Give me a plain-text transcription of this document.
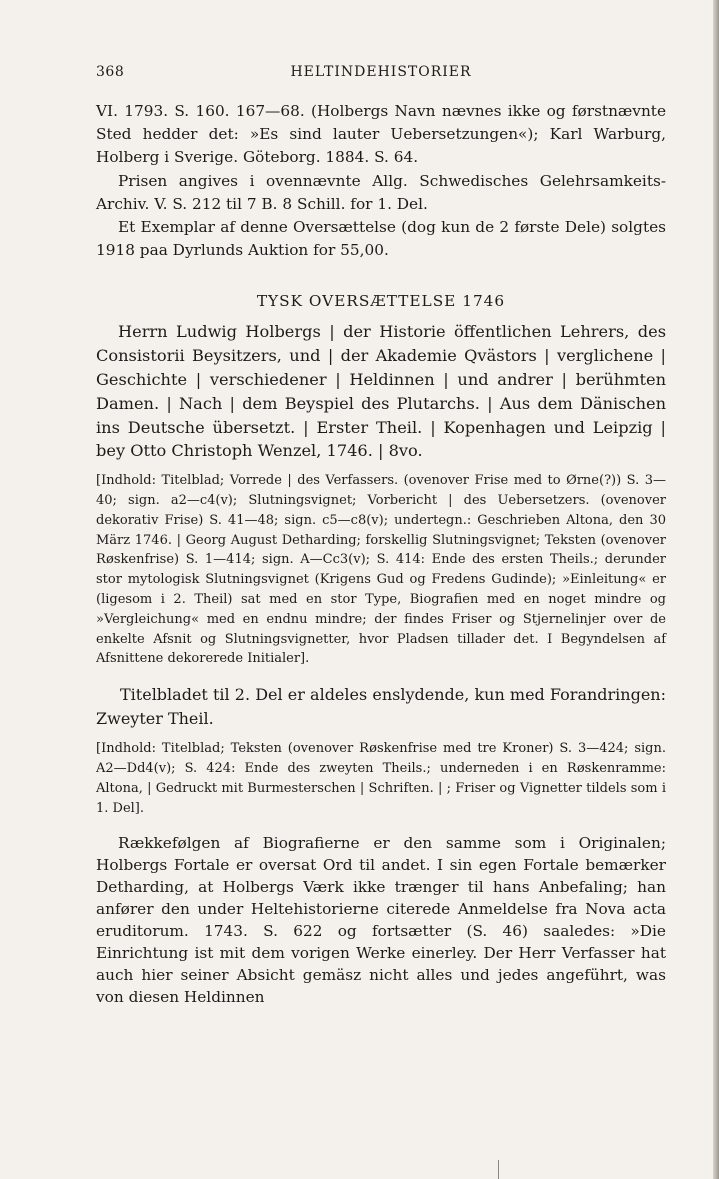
368	HELTINDEHISTORIER

VI. 1793. S. 160. 167—68. (Holbergs Navn nævnes ikke og førstnævnte Sted hedder det: »Es sind lauter Uebersetzungen«); Karl Warburg, Holberg i Sverige. Göteborg. 1884. S. 64.

Prisen angives i ovennævnte Allg. Schwedisches Gelehrsamkeits-Archiv. V. S. 212 til 7 B. 8 Schill. for 1. Del.

Et Exemplar af denne Oversættelse (dog kun de 2 første Dele) solgtes 1918 paa Dyrlunds Auktion for 55,00.

TYSK OVERSÆTTELSE 1746

Herrn Ludwig Holbergs | der Historie öffentlichen Lehrers, des Consistorii Beysitzers, und | der Akademie Qvästors | verglichene | Geschichte | verschiedener | Heldinnen | und andrer | berühmten Damen. | Nach | dem Beyspiel des Plutarchs. | Aus dem Dänischen ins Deutsche übersetzt. | Erster Theil. | Kopenhagen und Leipzig | bey Otto Christoph Wenzel, 1746. | 8vo.

[Indhold: Titelblad; Vorrede | des Verfassers. (ovenover Frise med to Ørne(?)) S. 3—40; sign. a2—c4(v); Slutningsvignet; Vorbericht | des Uebersetzers. (ovenover dekorativ Frise) S. 41—48; sign. c5—c8(v); undertegn.: Geschrieben Altona, den 30 März 1746. | Georg August Detharding; forskellig Slutningsvignet; Teksten (ovenover Røskenfrise) S. 1—414; sign. A—Cc3(v); S. 414: Ende des ersten Theils.; derunder stor mytologisk Slutningsvignet (Krigens Gud og Fredens Gudinde); »Einleitung« er (ligesom i 2. Theil) sat med en stor Type, Biografien med en noget mindre og »Vergleichung« med en endnu mindre; der findes Friser og Stjernelinjer over de enkelte Afsnit og Slutningsvignetter, hvor Pladsen tillader det. I Begyndelsen af Afsnittene dekorerede Initialer].

Titelbladet til 2. Del er aldeles enslydende, kun med Forandringen: Zweyter Theil.

[Indhold: Titelblad; Teksten (ovenover Røskenfrise med tre Kroner) S. 3—424; sign. A2—Dd4(v); S. 424: Ende des zweyten Theils.; underneden i en Røskenramme: Altona, | Gedruckt mit Burmesterschen | Schriften. | ; Friser og Vignetter tildels som i 1. Del].

Rækkefølgen af Biografierne er den samme som i Originalen; Holbergs Fortale er oversat Ord til andet. I sin egen Fortale bemærker Detharding, at Holbergs Værk ikke trænger til hans Anbefaling; han anfører den under Heltehistorierne citerede Anmeldelse fra Nova acta eruditorum. 1743. S. 622 og fortsætter (S. 46) saaledes: »Die Einrichtung ist mit dem vorigen Werke einerley. Der Herr Verfasser hat auch hier seiner Absicht gemäsz nicht alles und jedes angeführt, was von diesen Heldinnen
